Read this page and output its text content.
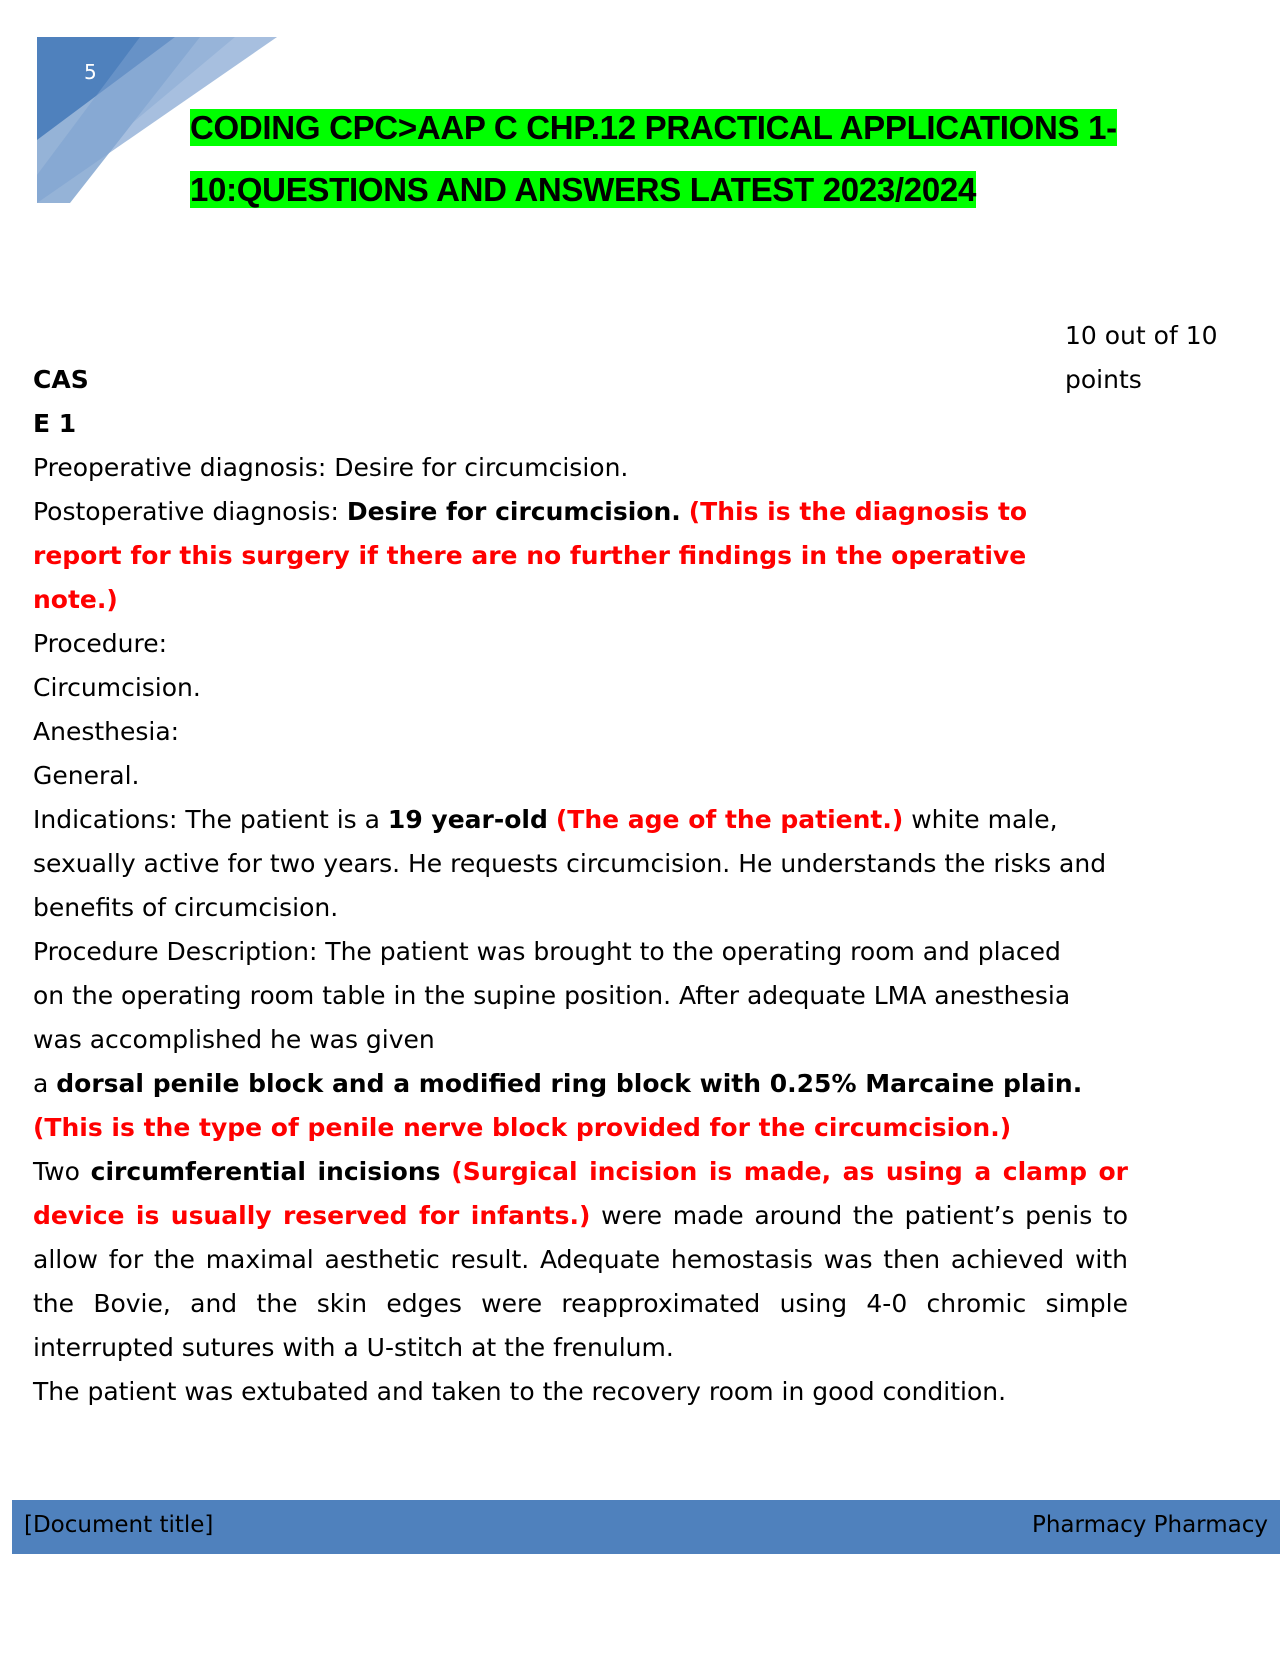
5
CODING CPC>AAP C CHP.12 PRACTICAL APPLICATIONS 1-
10:QUESTIONS AND ANSWERS LATEST 2023/2024
10 out of 10
points

CAS

E 1

Preoperative diagnosis: Desire for circumcision.

Postoperative diagnosis: Desire for circumcision. (This is the diagnosis to report for this surgery if there are no further findings in the operative note.)

Procedure:

Circumcision.

Anesthesia:

General.

Indications: The patient is a 19 year-old (The age of the patient.) white male, sexually active for two years. He requests circumcision. He understands the risks and benefits of circumcision.

Procedure Description: The patient was brought to the operating room and placed on the operating room table in the supine position. After adequate LMA anesthesia was accomplished he was given

a dorsal penile block and a modified ring block with 0.25% Marcaine plain. (This is the type of penile nerve block provided for the circumcision.)

Two circumferential incisions (Surgical incision is made, as using a clamp or device is usually reserved for infants.) were made around the patient’s penis to allow for the maximal aesthetic result. Adequate hemostasis was then achieved with the Bovie, and the skin edges were reapproximated using 4-0 chromic simple interrupted sutures with a U-stitch at the frenulum.

The patient was extubated and taken to the recovery room in good condition.

[Document title]	Pharmacy Pharmacy
